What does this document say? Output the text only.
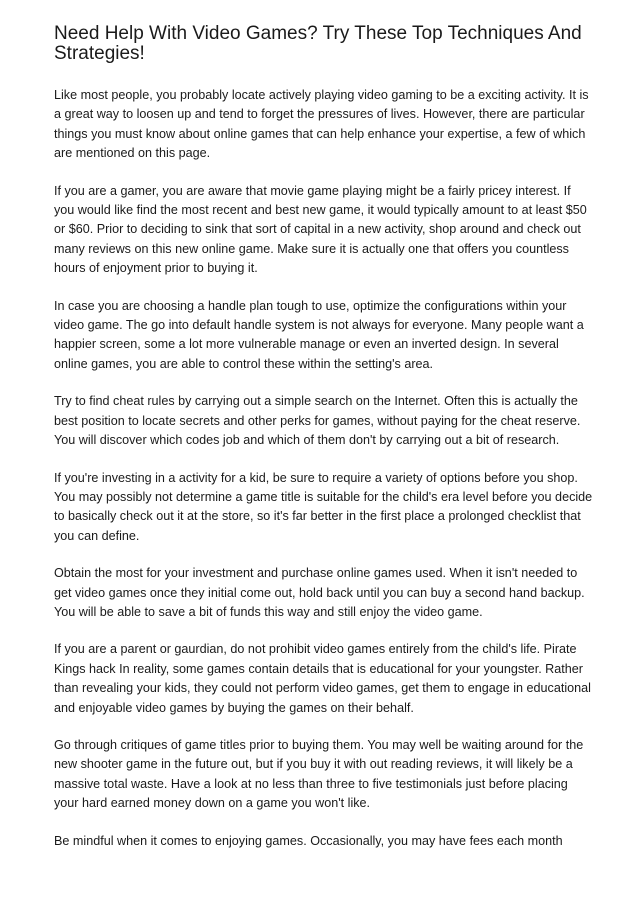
Need Help With Video Games? Try These Top Techniques And Strategies!

Like most people, you probably locate actively playing video gaming to be a exciting activity. It is a great way to loosen up and tend to forget the pressures of lives. However, there are particular things you must know about online games that can help enhance your expertise, a few of which are mentioned on this page.

If you are a gamer, you are aware that movie game playing might be a fairly pricey interest. If you would like find the most recent and best new game, it would typically amount to at least $50 or $60. Prior to deciding to sink that sort of capital in a new activity, shop around and check out many reviews on this new online game. Make sure it is actually one that offers you countless hours of enjoyment prior to buying it.

In case you are choosing a handle plan tough to use, optimize the configurations within your video game. The go into default handle system is not always for everyone. Many people want a happier screen, some a lot more vulnerable manage or even an inverted design. In several online games, you are able to control these within the setting's area.

Try to find cheat rules by carrying out a simple search on the Internet. Often this is actually the best position to locate secrets and other perks for games, without paying for the cheat reserve. You will discover which codes job and which of them don't by carrying out a bit of research.

If you're investing in a activity for a kid, be sure to require a variety of options before you shop. You may possibly not determine a game title is suitable for the child's era level before you decide to basically check out it at the store, so it's far better in the first place a prolonged checklist that you can define.

Obtain the most for your investment and purchase online games used. When it isn't needed to get video games once they initial come out, hold back until you can buy a second hand backup. You will be able to save a bit of funds this way and still enjoy the video game.

If you are a parent or gaurdian, do not prohibit video games entirely from the child's life. Pirate Kings hack In reality, some games contain details that is educational for your youngster. Rather than revealing your kids, they could not perform video games, get them to engage in educational and enjoyable video games by buying the games on their behalf.

Go through critiques of game titles prior to buying them. You may well be waiting around for the new shooter game in the future out, but if you buy it with out reading reviews, it will likely be a massive total waste. Have a look at no less than three to five testimonials just before placing your hard earned money down on a game you won't like.

Be mindful when it comes to enjoying games. Occasionally, you may have fees each month
